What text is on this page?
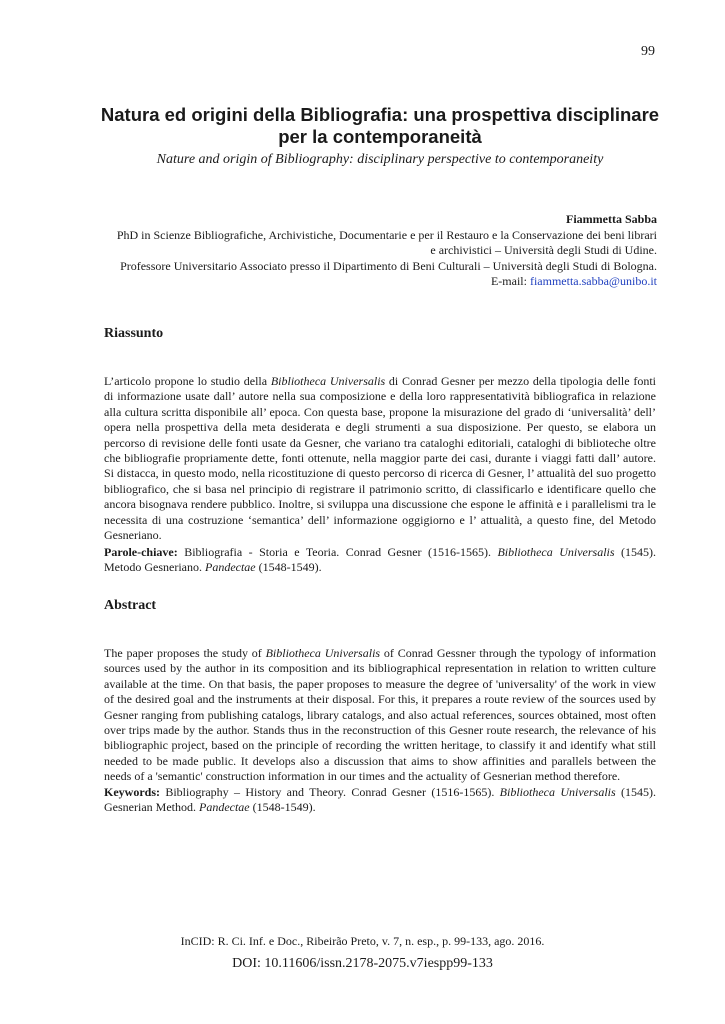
99
Natura ed origini della Bibliografia: una prospettiva disciplinare per la contemporaneità

Nature and origin of Bibliography: disciplinary perspective to contemporaneity

Fiammetta Sabba
PhD in Scienze Bibliografiche, Archivistiche, Documentarie e per il Restauro e la Conservazione dei beni librari
e archivistici – Università degli Studi di Udine.
Professore Universitario Associato presso il Dipartimento di Beni Culturali – Università degli Studi di Bologna.
E-mail: fiammetta.sabba@unibo.it
Riassunto

L’articolo propone lo studio della Bibliotheca Universalis di Conrad Gesner per mezzo della tipologia delle fonti di informazione usate dall’ autore nella sua composizione e della loro rappresentatività bibliografica in relazione alla cultura scritta disponibile all’ epoca. Con questa base, propone la misurazione del grado di ‘universalità’ dell’ opera nella prospettiva della meta desiderata e degli strumenti a sua disposizione. Per questo, se elabora un percorso di revisione delle fonti usate da Gesner, che variano tra cataloghi editoriali, cataloghi di biblioteche oltre che bibliografie propriamente dette, fonti ottenute, nella maggior parte dei casi, durante i viaggi fatti dall’ autore. Si distacca, in questo modo, nella ricostituzione di questo percorso di ricerca di Gesner, l’ attualità del suo progetto bibliografico, che si basa nel principio di registrare il patrimonio scritto, di classificarlo e identificare quello che ancora bisognava rendere pubblico. Inoltre, si sviluppa una discussione che espone le affinità e i parallelismi tra le necessita di una costruzione ‘semantica’ dell’ informazione oggigiorno e l’ attualità, a questo fine, del Metodo Gesneriano.

Parole-chiave: Bibliografia - Storia e Teoria. Conrad Gesner (1516-1565). Bibliotheca Universalis (1545). Metodo Gesneriano. Pandectae (1548-1549).

Abstract

The paper proposes the study of Bibliotheca Universalis of Conrad Gessner through the typology of information sources used by the author in its composition and its bibliographical representation in relation to written culture available at the time. On that basis, the paper proposes to measure the degree of 'universality' of the work in view of the desired goal and the instruments at their disposal. For this, it prepares a route review of the sources used by Gesner ranging from publishing catalogs, library catalogs, and also actual references, sources obtained, most often over trips made by the author. Stands thus in the reconstruction of this Gesner route research, the relevance of his bibliographic project, based on the principle of recording the written heritage, to classify it and identify what still needed to be made public. It develops also a discussion that aims to show affinities and parallels between the needs of a 'semantic' construction information in our times and the actuality of Gesnerian method therefore.

Keywords: Bibliography – History and Theory. Conrad Gesner (1516-1565). Bibliotheca Universalis (1545). Gesnerian Method. Pandectae (1548-1549).

InCID: R. Ci. Inf. e Doc., Ribeirão Preto, v. 7, n. esp., p. 99-133, ago. 2016.
DOI: 10.11606/issn.2178-2075.v7iespp99-133
